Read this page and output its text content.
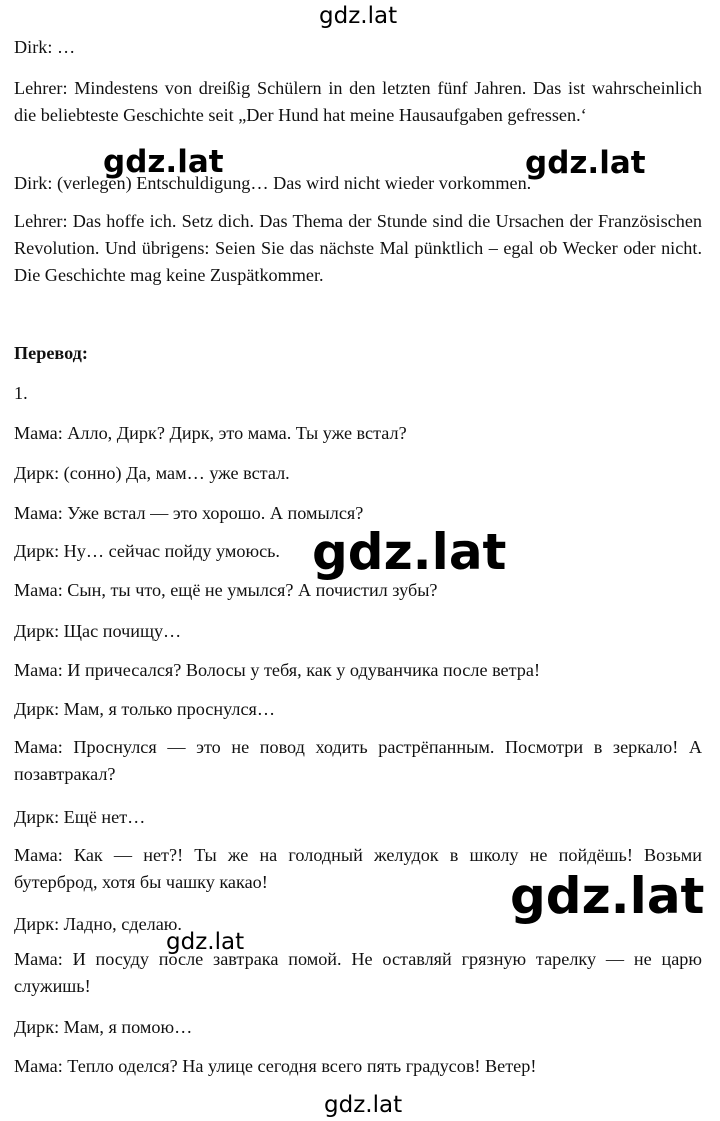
Dirk: …

Lehrer: Mindestens von dreißig Schülern in den letzten fünf Jahren. Das ist wahrscheinlich die beliebteste Geschichte seit „Der Hund hat meine Hausaufgaben gefressen.‘

Dirk: (verlegen) Entschuldigung… Das wird nicht wieder vorkommen.

Lehrer: Das hoffe ich. Setz dich. Das Thema der Stunde sind die Ursachen der Französischen Revolution. Und übrigens: Seien Sie das nächste Mal pünktlich – egal ob Wecker oder nicht. Die Geschichte mag keine Zuspätkommer.

Перевод:

1.

Мама: Алло, Дирк? Дирк, это мама. Ты уже встал?

Дирк: (сонно) Да, мам… уже встал.

Мама: Уже встал — это хорошо. А помылся?

Дирк: Ну… сейчас пойду умоюсь.

Мама: Сын, ты что, ещё не умылся? А почистил зубы?

Дирк: Щас почищу…

Мама: И причесался? Волосы у тебя, как у одуванчика после ветра!

Дирк: Мам, я только проснулся…

Мама: Проснулся — это не повод ходить растрёпанным. Посмотри в зеркало! А позавтракал?

Дирк: Ещё нет…

Мама: Как — нет?! Ты же на голодный желудок в школу не пойдёшь! Возьми бутерброд, хотя бы чашку какао!

Дирк: Ладно, сделаю.

Мама: И посуду после завтрака помой. Не оставляй грязную тарелку — не царю служишь!

Дирк: Мам, я помою…

Мама: Тепло оделся? На улице сегодня всего пять градусов! Ветер!

gdz.lat
gdz.lat	gdz.lat
gdz.lat
gdz.lat
gdz.lat
gdz.lat
